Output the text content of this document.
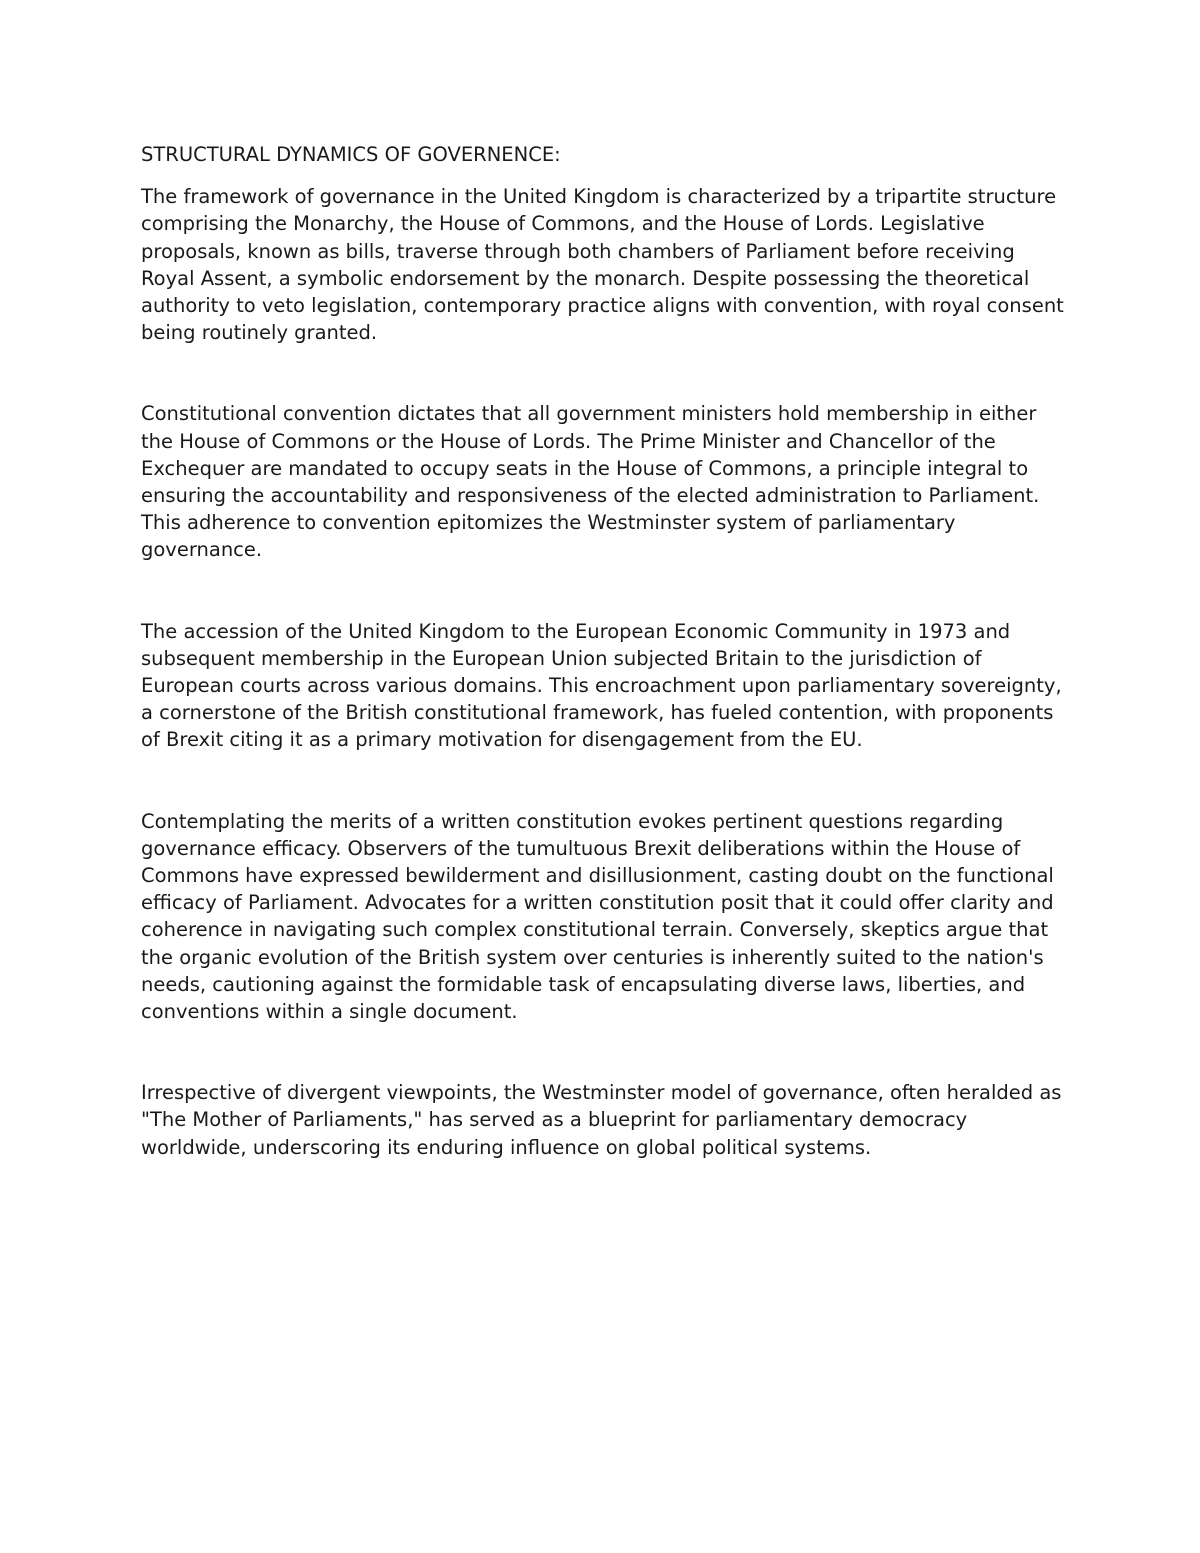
STRUCTURAL DYNAMICS OF GOVERNENCE:

The framework of governance in the United Kingdom is characterized by a tripartite structure comprising the Monarchy, the House of Commons, and the House of Lords. Legislative proposals, known as bills, traverse through both chambers of Parliament before receiving Royal Assent, a symbolic endorsement by the monarch. Despite possessing the theoretical authority to veto legislation, contemporary practice aligns with convention, with royal consent being routinely granted.

Constitutional convention dictates that all government ministers hold membership in either the House of Commons or the House of Lords. The Prime Minister and Chancellor of the Exchequer are mandated to occupy seats in the House of Commons, a principle integral to ensuring the accountability and responsiveness of the elected administration to Parliament. This adherence to convention epitomizes the Westminster system of parliamentary governance.

The accession of the United Kingdom to the European Economic Community in 1973 and subsequent membership in the European Union subjected Britain to the jurisdiction of European courts across various domains. This encroachment upon parliamentary sovereignty, a cornerstone of the British constitutional framework, has fueled contention, with proponents of Brexit citing it as a primary motivation for disengagement from the EU.

Contemplating the merits of a written constitution evokes pertinent questions regarding governance efficacy. Observers of the tumultuous Brexit deliberations within the House of Commons have expressed bewilderment and disillusionment, casting doubt on the functional efficacy of Parliament. Advocates for a written constitution posit that it could offer clarity and coherence in navigating such complex constitutional terrain. Conversely, skeptics argue that the organic evolution of the British system over centuries is inherently suited to the nation's needs, cautioning against the formidable task of encapsulating diverse laws, liberties, and conventions within a single document.

Irrespective of divergent viewpoints, the Westminster model of governance, often heralded as "The Mother of Parliaments," has served as a blueprint for parliamentary democracy worldwide, underscoring its enduring influence on global political systems.
